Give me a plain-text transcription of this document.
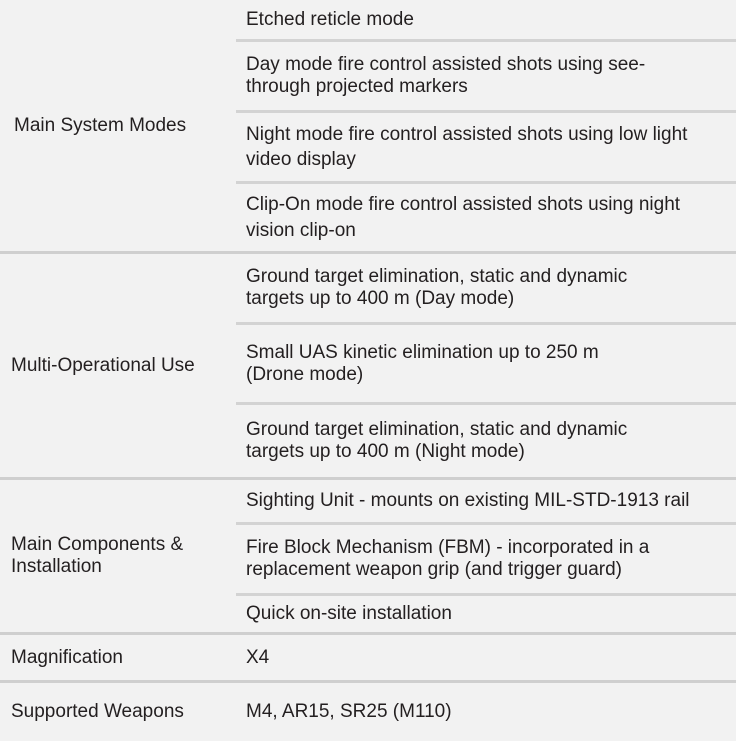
Main System Modes
Etched reticle mode
Day mode fire control assisted shots using see-through projected markers
Night mode fire control assisted shots using low light video display
Clip-On mode fire control assisted shots using night vision clip-on
Multi-Operational Use
Ground target elimination, static and dynamic targets up to 400 m (Day mode)
Small UAS kinetic elimination up to 250 m (Drone mode)
Ground target elimination, static and dynamic targets up to 400 m (Night mode)
Main Components & Installation
Sighting Unit - mounts on existing MIL-STD-1913 rail
Fire Block Mechanism (FBM) - incorporated in a replacement weapon grip (and trigger guard)
Quick on-site installation
Magnification	X4
Supported Weapons	M4, AR15, SR25 (M110)
